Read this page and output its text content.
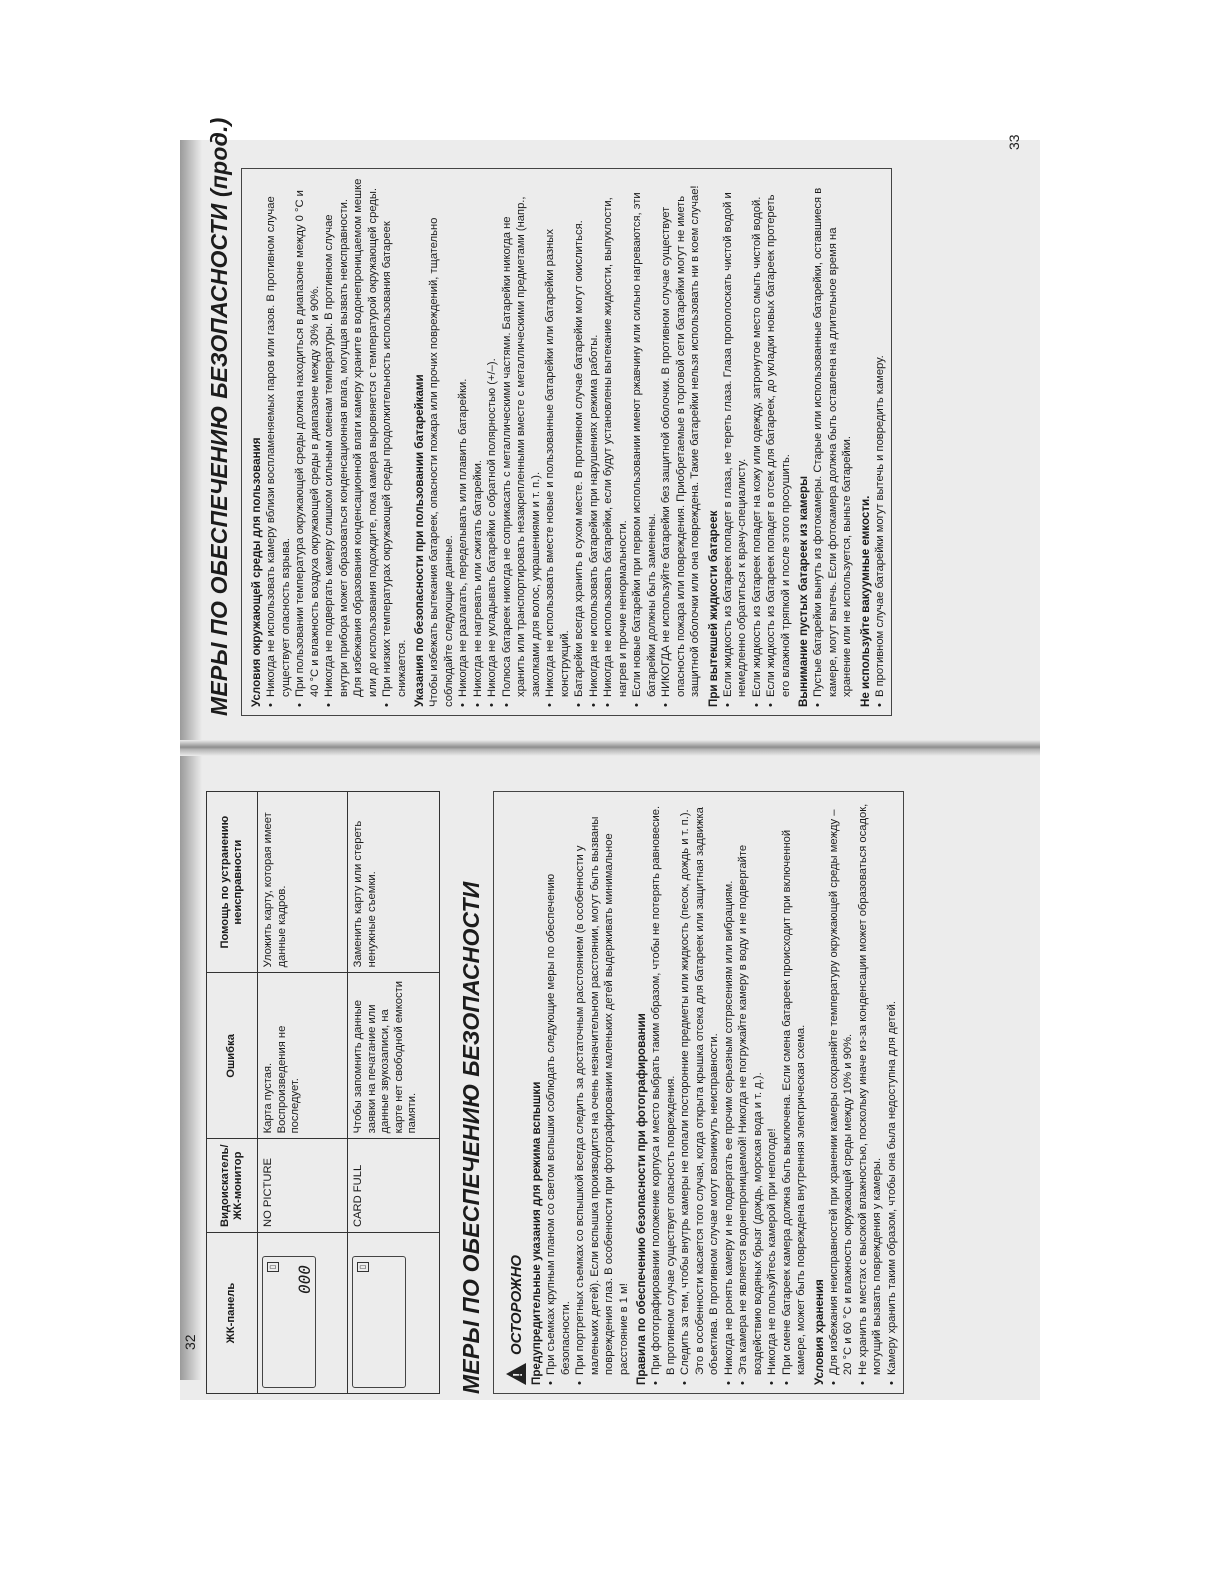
МЕРЫ ПО ОБЕСПЕЧЕНИЮ БЕЗОПАСНОСТИ (прод.) Условия окружающей среды для пользования • Никогда не использовать камеру вблизи воспламеняемых паров или газов. В противном случае существует опасность взрыва. • При пользовании температура окружающей среды должна находиться в диапазоне между 0 °C и 40 °C и влажность воздуха окружающей среды в диапазоне между 30% и 90%. • Никогда не подвергать камеру слишком сильным сменам температуры. В противном случае внутри прибора может образоваться конденсационная влага, могущая вызвать неисправности. Для избежания образования конденсационной влаги камеру храните в водонепроницаемом мешке или до использования подождите, пока камера выровняется с температурой окружающей среды. • При низких температурах окружающей среды продолжительность использования батареек снижается. Указания по безопасности при пользовании батарейками Чтобы избежать вытекания батареек, опасности пожара или прочих повреждений, тщательно соблюдайте следующие данные. • Никогда не разлагать, переделывать или плавить батарейки. • Никогда не нагревать или сжигать батарейки. • Никогда не укладывать батарейки с обратной полярностью (+/–). • Полюса батареек никогда не соприкасать с металлическими частями. Батарейки никогда не хранить или транспортировать незакрепленными вместе с металлическими предметами (напр., заколками для волос, украшениями и т. п.). • Никогда не использовать вместе новые и пользованные батарейки или батарейки разных конструкций. • Батарейки всегда хранить в сухом месте. В противном случае батарейки могут окислиться. • Никогда не использовать батарейки при нарушениях режима работы. • Никогда не использовать батарейки, если будут установлены вытекание жидкости, выпуклости, нагрев и прочие ненормальности. • Если новые батарейки при первом использовании имеют ржавчину или сильно нагреваются, эти батарейки должны быть заменены. • НИКОГДА не используйте батарейки без защитной оболочки. В противном случае существует опасность пожара или повреждения. Приобретаемые в торговой сети батарейки могут не иметь защитной оболочки или она повреждена. Такие батарейки нельзя использовать ни в коем случае! При вытекшей жидкости батареек • Если жидкость из батареек попадет в глаза, не тереть глаза. Глаза прополоскать чистой водой и немедленно обратиться к врачу-специалисту. • Если жидкость из батареек попадет на кожу или одежду, затронутое место смыть чистой водой. • Если жидкость из батареек попадет в отсек для батареек, до укладки новых батареек протереть его влажной тряпкой и после этого просушить. Вынимание пустых батареек из камеры • Пустые батарейки вынуть из фотокамеры. Старые или использованные батарейки, оставшиеся в камере, могут вытечь. Если фотокамера должна быть оставлена на длительное время на хранение или не используется, выньте батарейки. Не используйте вакуумные емкости. • В противном случае батарейки могут вытечь и повредить камеру.
33
ЖК-панель	Видоискатель/ ЖК-монитор	Ошибка	Помощь по устранению неисправности

▯ 000	NO PICTURE	Карта пустая. Воспроизведения не последует.	Уложить карту, которая имеет данные кадров.

▯	CARD FULL	Чтобы запомнить данные заявки на печатание или данные звукозаписи, на карте нет свободной емкости памяти.	Заменить карту или стереть ненужные съемки.	МЕРЫ ПО ОБЕСПЕЧЕНИЮ БЕЗОПАСНОСТИ !
ОСТОРОЖНО Предупредительные указания для режима вспышки • При съемках крупным планом со светом вспышки соблюдать следующие меры по обеспечению безопасности. • При портретных съемках со вспышкой всегда следить за достаточным расстоянием (в особенности у маленьких детей). Если вспышка производится на очень незначительном расстоянии, могут быть вызваны повреждения глаз. В особенности при фотографировании маленьких детей выдерживать минимальное расстояние в 1 м! Правила по обеспечению безопасности при фотографировании • При фотографировании положение корпуса и место выбрать таким образом, чтобы не потерять равновесие. В противном случае существует опасность повреждения. • Следить за тем, чтобы внутрь камеры не попали посторонние предметы или жидкость (песок, дождь и т. п.). Это в особенности касается того случая, когда открыта крышка отсека для батареек или защитная задвижка объектива. В противном случае могут возникнуть неисправности. • Никогда не ронять камеру и не подвергать ее прочим серьезным сотрясениям или вибрациям. • Эта камера не является водонепроницаемой! Никогда не погружайте камеру в воду и не подвергайте воздействию водяных брызг (дождь, морская вода и т. д.). • Никогда не пользуйтесь камерой при непогоде! • При смене батареек камера должна быть выключена. Если смена батареек происходит при включенной камере, может быть повреждена внутренняя электрическая схема. Условия хранения • Для избежания неисправностей при хранении камеры сохраняйте температуру окружающей среды между –20 °C и 60 °C и влажность окружающей среды между 10% и 90%. • Не хранить в местах с высокой влажностью, поскольку иначе из-за конденсации может образоваться осадок, могущий вызвать повреждения у камеры. • Камеру хранить таким образом, чтобы она была недоступна для детей.
32
